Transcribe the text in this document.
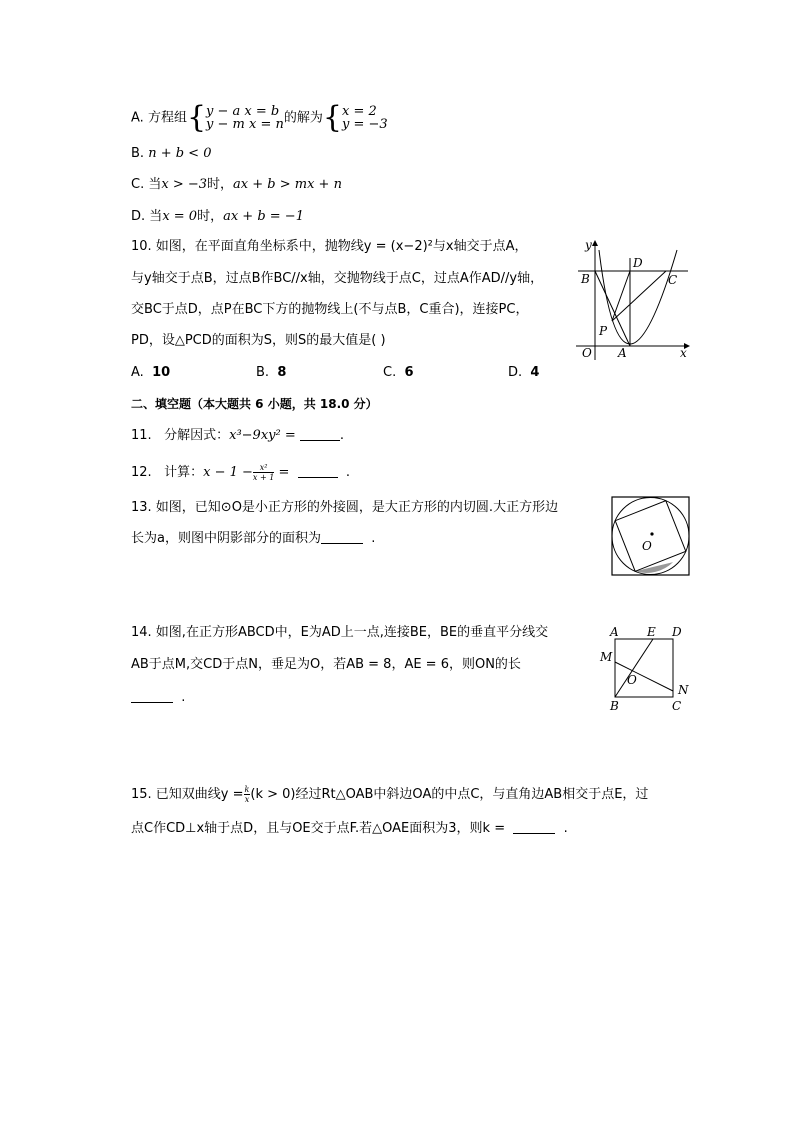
A. 方程组{ y − a x = b
y − m x = n 的解为{ x = 2
y = −3
B. n + b < 0
C. 当x > −3时，ax + b > mx + n
D. 当x = 0时，ax + b = −1
10. 如图，在平面直角坐标系中，抛物线y = (x−2)²与x轴交于点A，
与y轴交于点B，过点B作BC//x轴，交抛物线于点C，过点A作AD//y轴，
交BC于点D，点P在BC下方的抛物线上(不与点B，C重合)，连接PC，
PD，设△PCD的面积为S，则S的最大值是( )
A. 10	B. 8	C. 6	D. 4
y
x
B
D
C
P
O A
二、填空题（本大题共 6 小题，共 18.0 分）
11. 分解因式：x³−9xy² =	.
12. 计算：$x - 1 - \frac{\text{x²}}{x + 1}$ =	.
13. 如图，已知⊙O是小正方形的外接圆，是大正方形的内切圆.大正方形边
长为a，则图中阴影部分的面积为	.	O
14. 如图,在正方形ABCD中，E为AD上一点,连接BE，BE的垂直平分线交
AB于点M,交CD于点N，垂足为O，若AB = 8，AE = 6，则ON的长
.
A E D
M
O
N
B	C
15. 已知双曲线$y = \frac{k}{x} (k > 0)$经过Rt△OAB中斜边OA的中点C，与直角边AB相交于点E，过
点C作CD⊥x轴于点D，且与OE交于点F.若△OAE面积为3，则k =	.
